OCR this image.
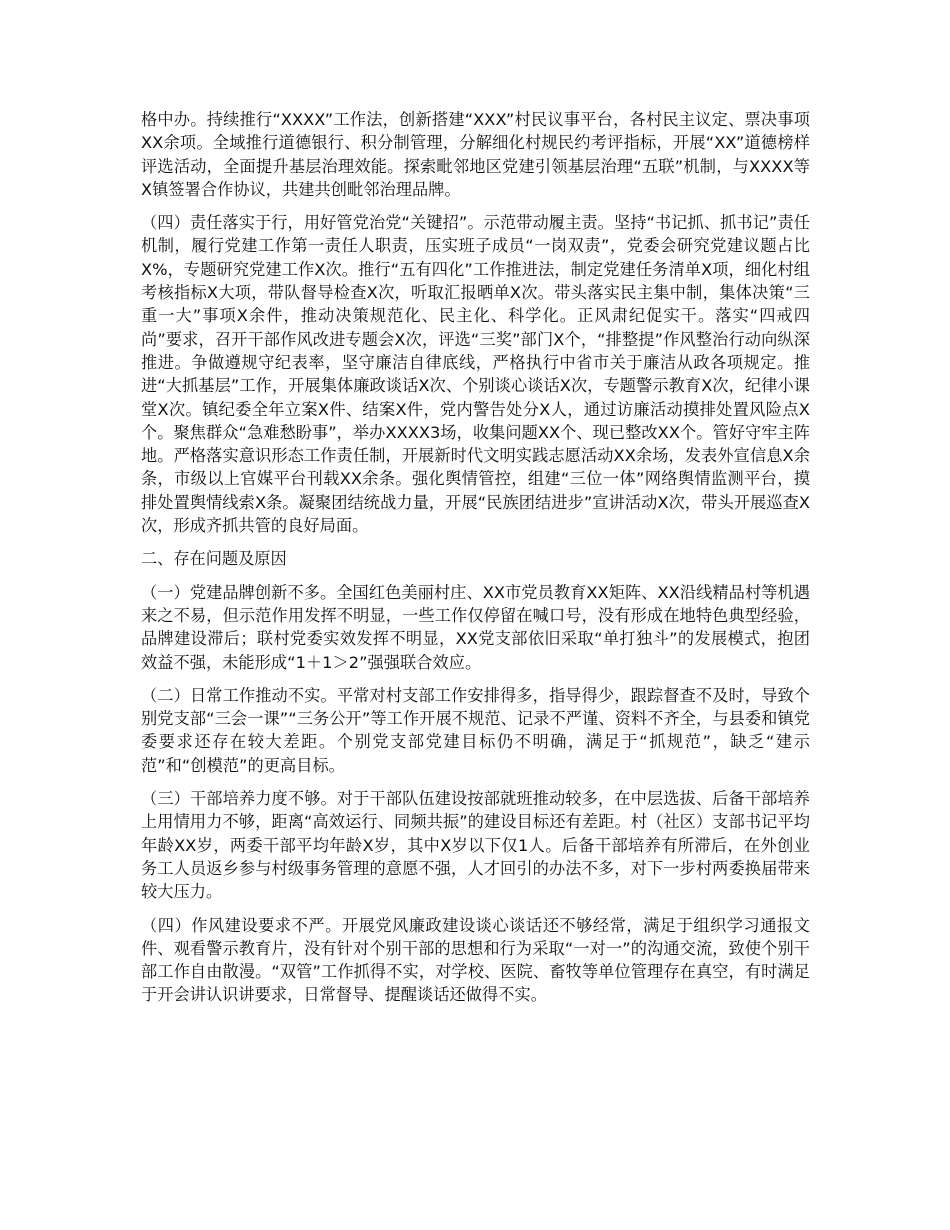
格中办。持续推行“XXXX”工作法，创新搭建“XXX”村民议事平台，各村民主议定、票决事项XX余项。全域推行道德银行、积分制管理，分解细化村规民约考评指标，开展“XX”道德榜样评选活动，全面提升基层治理效能。探索毗邻地区党建引领基层治理“五联”机制，与XXXX等X镇签署合作协议，共建共创毗邻治理品牌。

（四）责任落实于行，用好管党治党“关键招”。示范带动履主责。坚持“书记抓、抓书记”责任机制，履行党建工作第一责任人职责，压实班子成员“一岗双责”，党委会研究党建议题占比X%，专题研究党建工作X次。推行“五有四化”工作推进法，制定党建任务清单X项，细化村组考核指标X大项，带队督导检查X次，听取汇报晒单X次。带头落实民主集中制，集体决策“三重一大”事项X余件，推动决策规范化、民主化、科学化。正风肃纪促实干。落实“四戒四尚”要求，召开干部作风改进专题会X次，评选“三奖”部门X个，“排整提”作风整治行动向纵深推进。争做遵规守纪表率，坚守廉洁自律底线，严格执行中省市关于廉洁从政各项规定。推进“大抓基层”工作，开展集体廉政谈话X次、个别谈心谈话X次，专题警示教育X次，纪律小课堂X次。镇纪委全年立案X件、结案X件，党内警告处分X人，通过访廉活动摸排处置风险点X个。聚焦群众“急难愁盼事”，举办XXXX3场，收集问题XX个、现已整改XX个。管好守牢主阵地。严格落实意识形态工作责任制，开展新时代文明实践志愿活动XX余场，发表外宣信息X余条，市级以上官媒平台刊载XX余条。强化舆情管控，组建“三位一体”网络舆情监测平台，摸排处置舆情线索X条。凝聚团结统战力量，开展“民族团结进步”宣讲活动X次，带头开展巡查X次，形成齐抓共管的良好局面。

二、存在问题及原因

（一）党建品牌创新不多。全国红色美丽村庄、XX市党员教育XX矩阵、XX沿线精品村等机遇来之不易，但示范作用发挥不明显，一些工作仅停留在喊口号，没有形成在地特色典型经验，品牌建设滞后；联村党委实效发挥不明显，XX党支部依旧采取“单打独斗”的发展模式，抱团效益不强，未能形成“1＋1＞2”强强联合效应。

（二）日常工作推动不实。平常对村支部工作安排得多，指导得少，跟踪督查不及时，导致个别党支部“三会一课”“三务公开”等工作开展不规范、记录不严谨、资料不齐全，与县委和镇党委要求还存在较大差距。个别党支部党建目标仍不明确，满足于“抓规范”，缺乏“建示范”和“创模范”的更高目标。

（三）干部培养力度不够。对于干部队伍建设按部就班推动较多，在中层选拔、后备干部培养上用情用力不够，距离“高效运行、同频共振”的建设目标还有差距。村（社区）支部书记平均年龄XX岁，两委干部平均年龄X岁，其中X岁以下仅1人。后备干部培养有所滞后，在外创业务工人员返乡参与村级事务管理的意愿不强，人才回引的办法不多，对下一步村两委换届带来较大压力。

（四）作风建设要求不严。开展党风廉政建设谈心谈话还不够经常，满足于组织学习通报文件、观看警示教育片，没有针对个别干部的思想和行为采取“一对一”的沟通交流，致使个别干部工作自由散漫。“双管”工作抓得不实，对学校、医院、畜牧等单位管理存在真空，有时满足于开会讲认识讲要求，日常督导、提醒谈话还做得不实。
